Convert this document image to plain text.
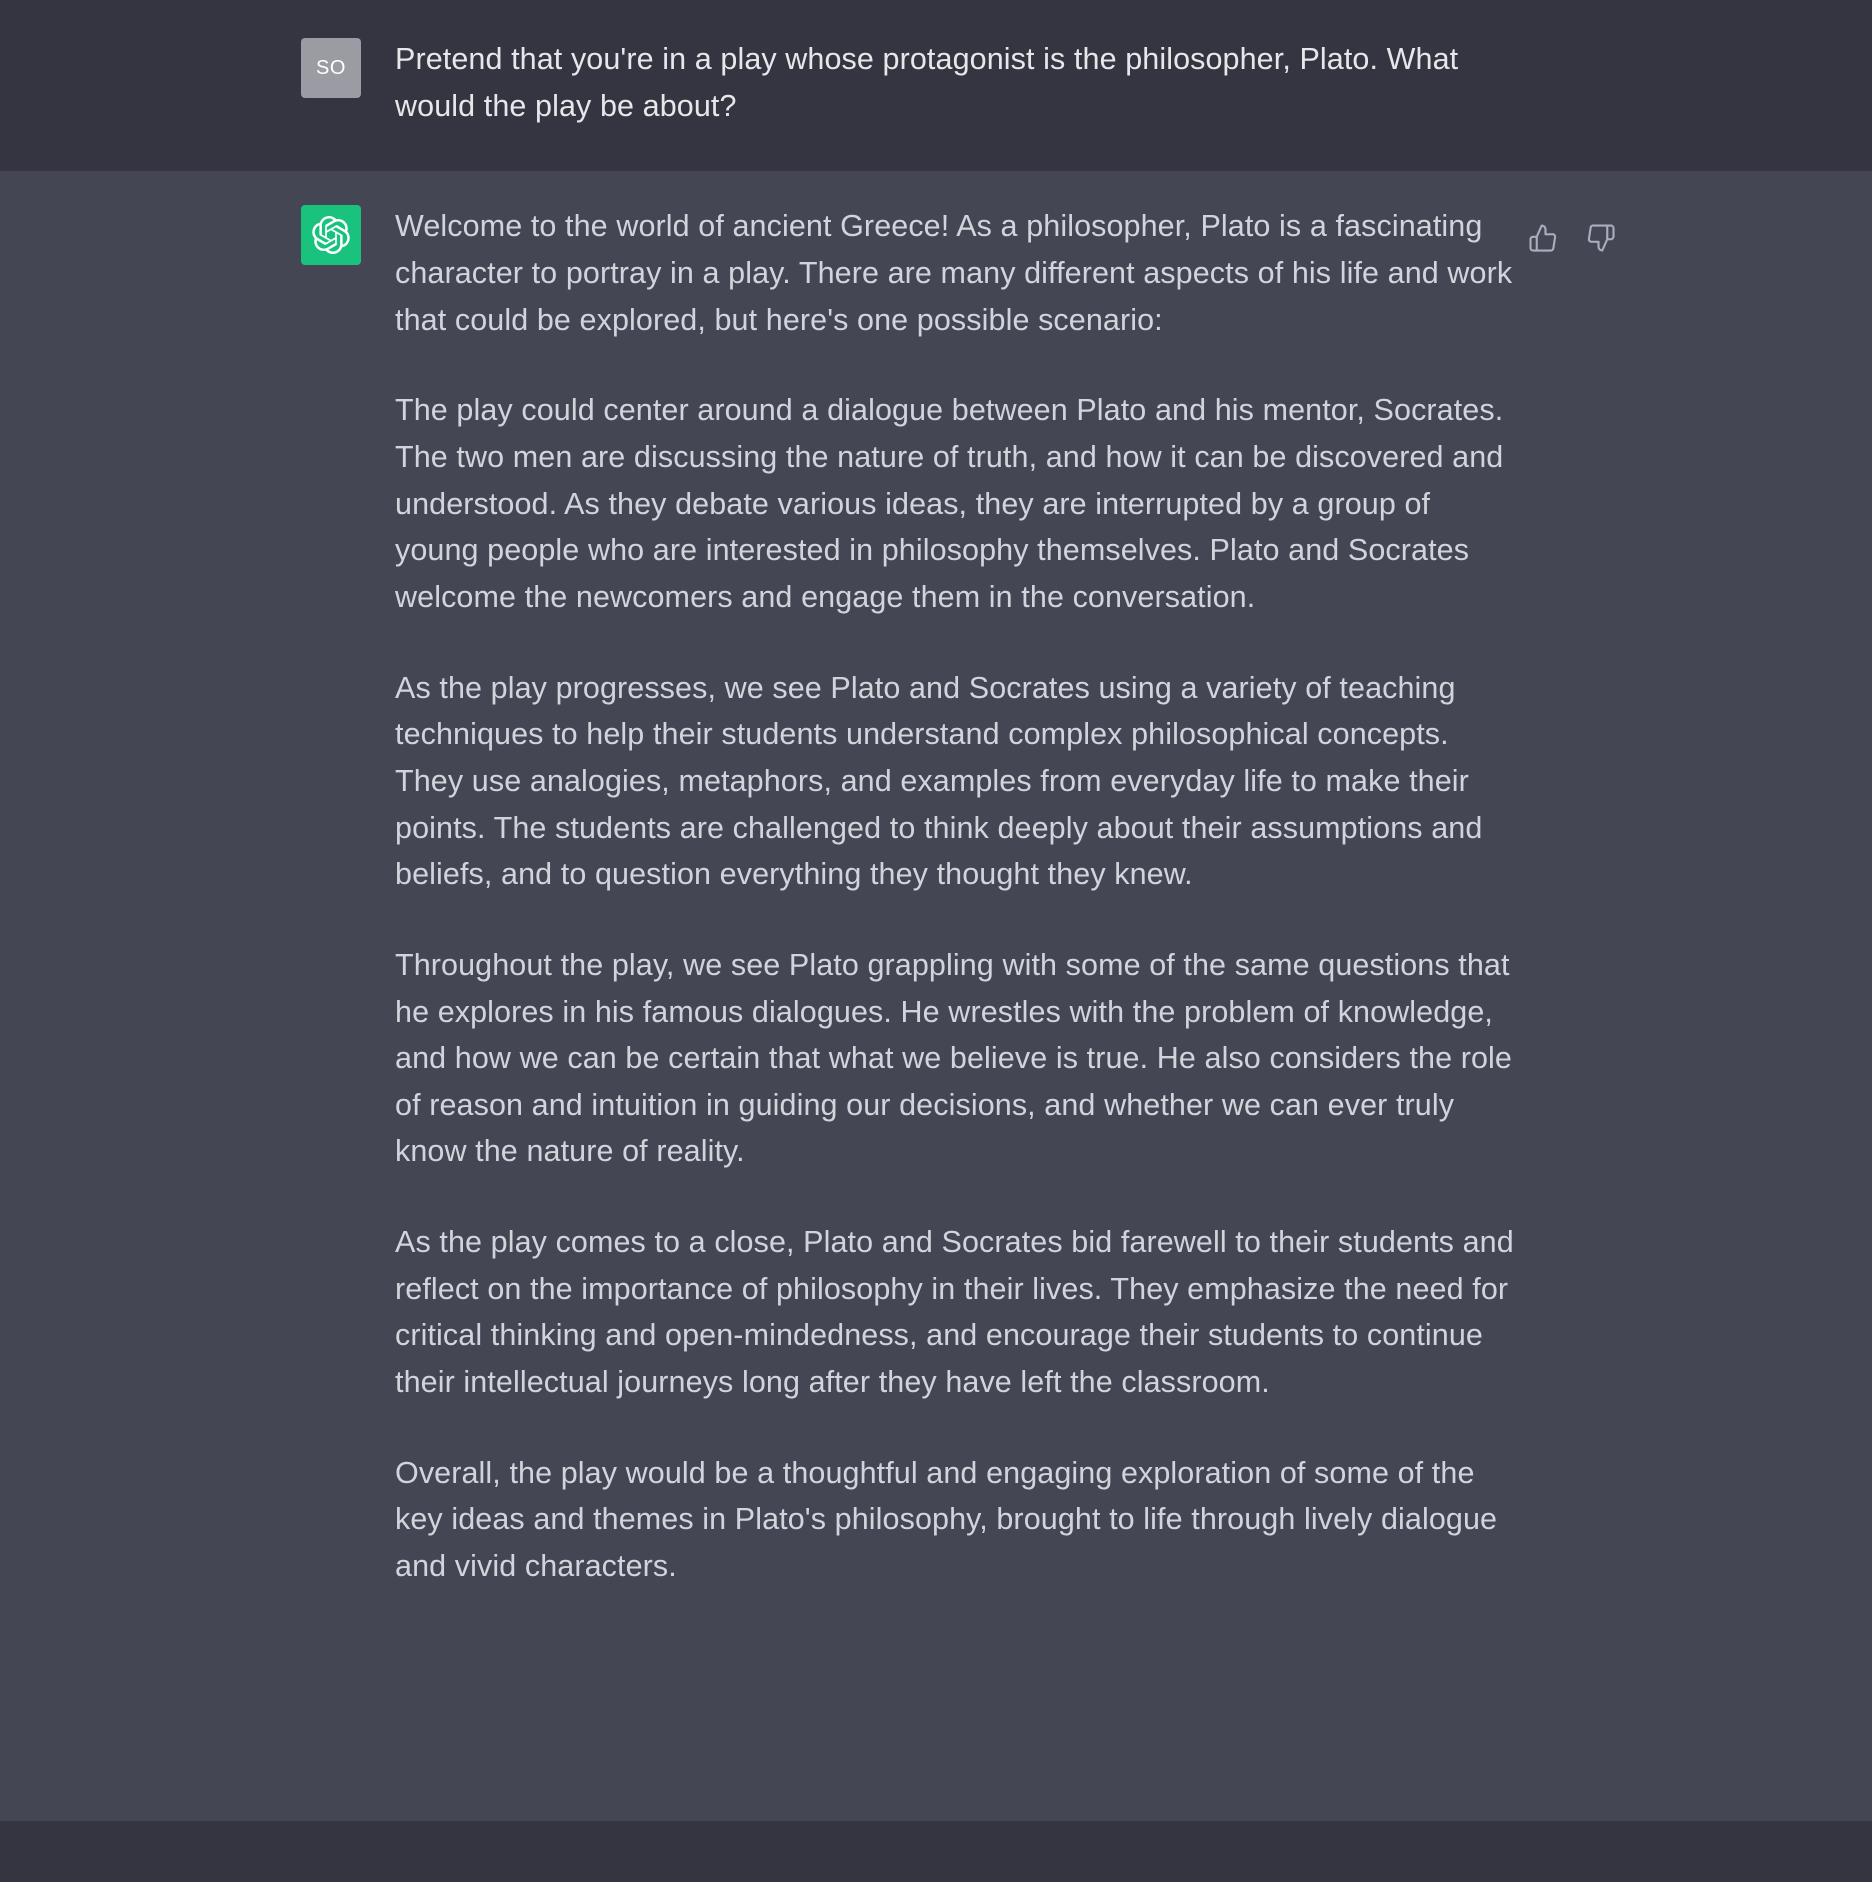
SO Pretend that you're in a play whose protagonist is the philosopher, Plato. What would the play be about?

Welcome to the world of ancient Greece! As a philosopher, Plato is a fascinating character to portray in a play. There are many different aspects of his life and work that could be explored, but here's one possible scenario:

The play could center around a dialogue between Plato and his mentor, Socrates. The two men are discussing the nature of truth, and how it can be discovered and understood. As they debate various ideas, they are interrupted by a group of young people who are interested in philosophy themselves. Plato and Socrates welcome the newcomers and engage them in the conversation.

As the play progresses, we see Plato and Socrates using a variety of teaching techniques to help their students understand complex philosophical concepts. They use analogies, metaphors, and examples from everyday life to make their points. The students are challenged to think deeply about their assumptions and beliefs, and to question everything they thought they knew.

Throughout the play, we see Plato grappling with some of the same questions that he explores in his famous dialogues. He wrestles with the problem of knowledge, and how we can be certain that what we believe is true. He also considers the role of reason and intuition in guiding our decisions, and whether we can ever truly know the nature of reality.

As the play comes to a close, Plato and Socrates bid farewell to their students and reflect on the importance of philosophy in their lives. They emphasize the need for critical thinking and open-mindedness, and encourage their students to continue their intellectual journeys long after they have left the classroom.

Overall, the play would be a thoughtful and engaging exploration of some of the key ideas and themes in Plato's philosophy, brought to life through lively dialogue and vivid characters.
